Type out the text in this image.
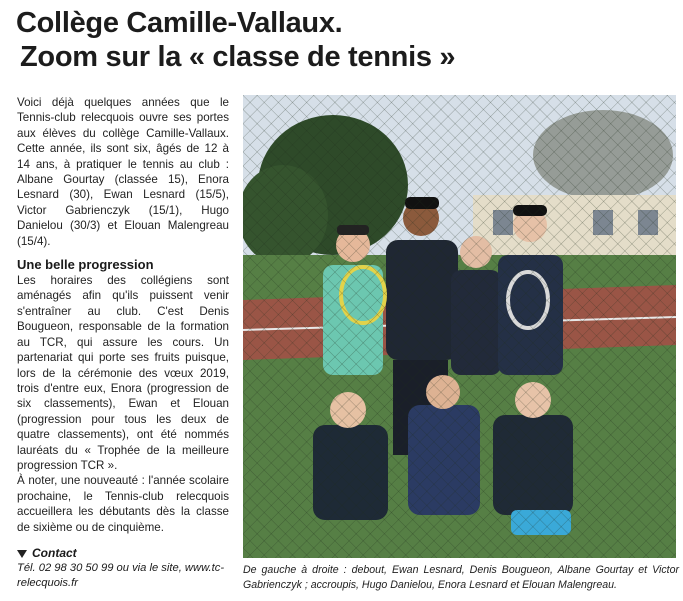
Collège Camille-Vallaux.
Zoom sur la « classe de tennis »

Voici déjà quelques années que le Tennis-club relecquois ouvre ses portes aux élèves du collège Camille-Vallaux. Cette année, ils sont six, âgés de 12 à 14 ans, à pratiquer le tennis au club : Albane Gourtay (classée 15), Enora Lesnard (30), Ewan Lesnard (15/5), Victor Gabrienczyk (15/1), Hugo Danielou (30/3) et Elouan Malengreau (15/4).

Une belle progression

Les horaires des collégiens sont aménagés afin qu'ils puissent venir s'entraîner au club. C'est Denis Bougueon, responsable de la formation au TCR, qui assure les cours. Un partenariat qui porte ses fruits puisque, lors de la cérémonie des vœux 2019, trois d'entre eux, Enora (progression de six classements), Ewan et Elouan (progression pour tous les deux de quatre classements), ont été nommés lauréats du « Trophée de la meilleure progression TCR ».

À noter, une nouveauté : l'année scolaire prochaine, le Tennis-club relecquois accueillera les débutants dès la classe de sixième ou de cinquième.

Contact
Tél. 02 98 30 50 99 ou via le site, www.tc-relecquois.fr
De gauche à droite : debout, Ewan Lesnard, Denis Bougueon, Albane Gourtay et Victor Gabrienczyk ; accroupis, Hugo Danielou, Enora Lesnard et Elouan Malengreau.
